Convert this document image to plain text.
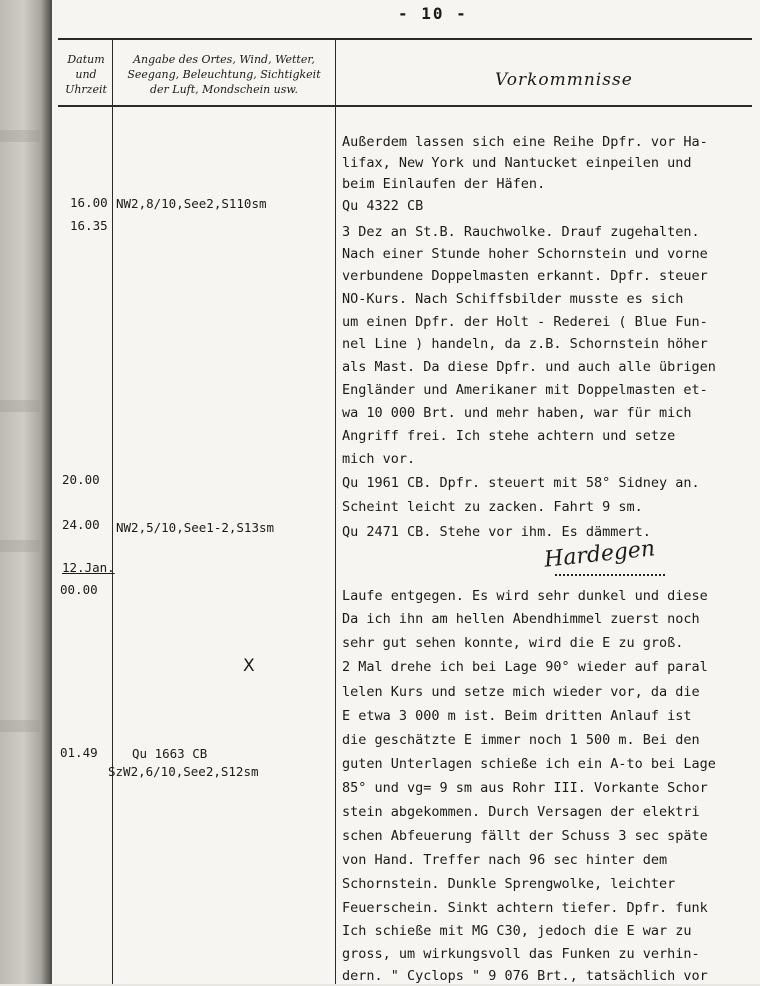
- 10 -
Datum
und
Uhrzeit
Angabe des Ortes, Wind, Wetter,
Seegang, Beleuchtung, Sichtigkeit
der Luft, Mondschein usw.	Vorkommnisse
16.00
16.35
20.00
24.00
12.Jan.
00.00
01.49
NW2,8/10,See2,S110sm
NW2,5/10,See1-2,S13sm
Qu 1663 CB
SzW2,6/10,See2,S12sm
X
Außerdem lassen sich eine Reihe Dpfr. vor Ha-
lifax, New York und Nantucket einpeilen und
beim Einlaufen der Häfen.
Qu 4322 CB
3 Dez an St.B. Rauchwolke. Drauf zugehalten.
Nach einer Stunde hoher Schornstein und vorne
verbundene Doppelmasten erkannt. Dpfr. steuer
NO-Kurs. Nach Schiffsbilder musste es sich
um einen Dpfr. der Holt - Rederei ( Blue Fun-
nel Line ) handeln, da z.B. Schornstein höher
als Mast. Da diese Dpfr. und auch alle übrigen
Engländer und Amerikaner mit Doppelmasten et-
wa 10 000 Brt. und mehr haben, war für mich
Angriff frei. Ich stehe achtern und setze
mich vor.
Qu 1961 CB. Dpfr. steuert mit 58° Sidney an.
Scheint leicht zu zacken. Fahrt 9 sm.
Qu 2471 CB. Stehe vor ihm. Es dämmert.
Hardegen
Laufe entgegen. Es wird sehr dunkel und diese
Da ich ihn am hellen Abendhimmel zuerst noch
sehr gut sehen konnte, wird die E zu groß.
2 Mal drehe ich bei Lage 90° wieder auf paral
lelen Kurs und setze mich wieder vor, da die
E etwa 3 000 m ist. Beim dritten Anlauf ist
die geschätzte E immer noch 1 500 m. Bei den
guten Unterlagen schieße ich ein A-to bei Lage
85° und vg= 9 sm aus Rohr III. Vorkante Schor
stein abgekommen. Durch Versagen der elektri
schen Abfeuerung fällt der Schuss 3 sec späte
von Hand. Treffer nach 96 sec hinter dem
Schornstein. Dunkle Sprengwolke, leichter
Feuerschein. Sinkt achtern tiefer. Dpfr. funk
Ich schieße mit MG C30, jedoch die E war zu
gross, um wirkungsvoll das Funken zu verhin-
dern. " Cyclops " 9 076 Brt., tatsächlich vor
